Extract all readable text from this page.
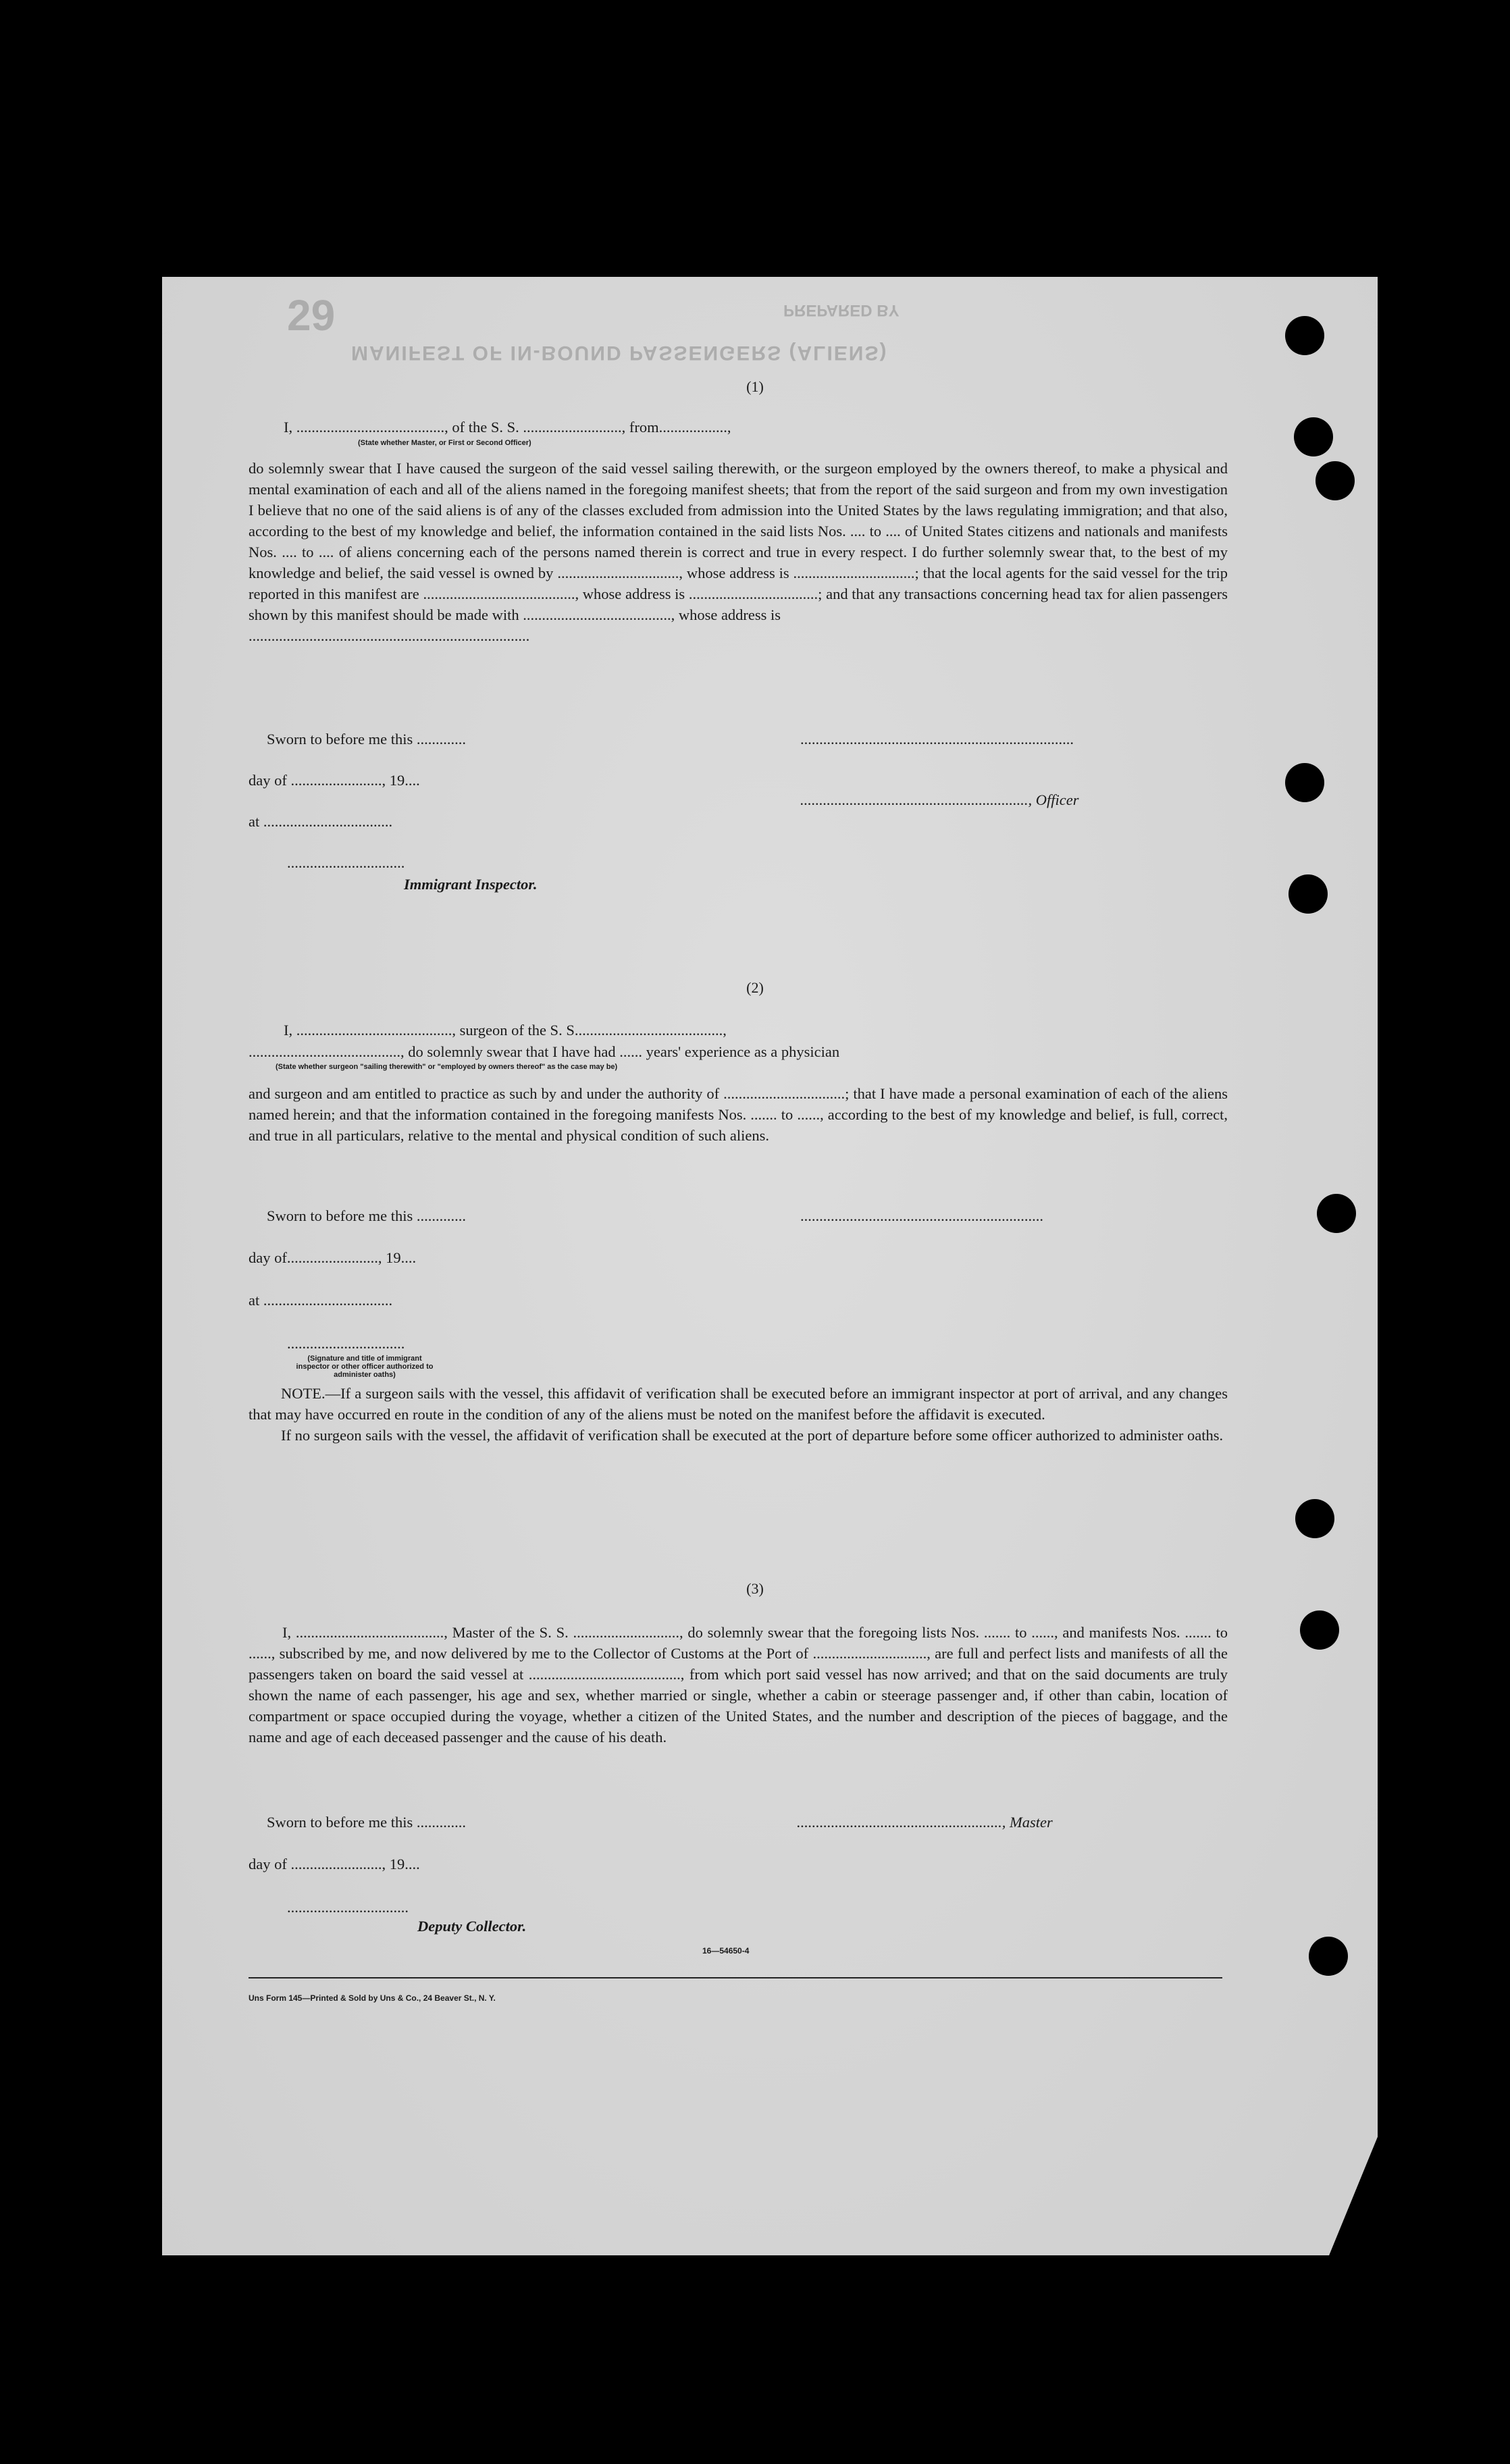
29	PREPARED BY
MANIFEST OF IN-BOUND PASSENGERS (ALIENS)
(1)
I, ......................................., of the S. S. .........................., from..................,
(State whether Master, or First or Second Officer)

do solemnly swear that I have caused the surgeon of the said vessel sailing therewith, or the surgeon employed by the owners thereof, to make a physical and mental examination of each and all of the aliens named in the foregoing manifest sheets; that from the report of the said surgeon and from my own investigation I believe that no one of the said aliens is of any of the classes excluded from admission into the United States by the laws regulating immigration; and that also, according to the best of my knowledge and belief, the information contained in the said lists Nos. .... to .... of United States citizens and nationals and manifests Nos. .... to .... of aliens concerning each of the persons named therein is correct and true in every respect. I do further solemnly swear that, to the best of my knowledge and belief, the said vessel is owned by ................................, whose address is ................................; that the local agents for the said vessel for the trip reported in this manifest are ........................................, whose address is ..................................; and that any transactions concerning head tax for alien passengers shown by this manifest should be made with ......................................., whose address is

..........................................................................

Sworn to before me this .............	........................................................................
day of ........................, 19....
............................................................, Officer
at ..................................
...............................
Immigrant Inspector.
(2)
I, ........................................., surgeon of the S. S.......................................,
........................................, do solemnly swear that I have had ...... years' experience as a physician
(State whether surgeon "sailing therewith" or "employed by owners thereof" as the case may be)
and surgeon and am entitled to practice as such by and under the authority of ................................; that I have made a personal examination of each of the aliens named herein; and that the information contained in the foregoing manifests Nos. ....... to ......, according to the best of my knowledge and belief, is full, correct, and true in all particulars, relative to the mental and physical condition of such aliens.
Sworn to before me this .............	................................................................
day of........................, 19....
at ..................................
...............................
(Signature and title of immigrant inspector or other officer authorized to administer oaths)

NOTE.—If a surgeon sails with the vessel, this affidavit of verification shall be executed before an immigrant inspector at port of arrival, and any changes that may have occurred en route in the condition of any of the aliens must be noted on the manifest before the affidavit is executed.

If no surgeon sails with the vessel, the affidavit of verification shall be executed at the port of departure before some officer authorized to administer oaths.

(3)
I, ......................................., Master of the S. S. ............................, do solemnly swear that the foregoing lists Nos. ....... to ......, and manifests Nos. ....... to ......, subscribed by me, and now delivered by me to the Collector of Customs at the Port of .............................., are full and perfect lists and manifests of all the passengers taken on board the said vessel at ........................................, from which port said vessel has now arrived; and that on the said documents are truly shown the name of each passenger, his age and sex, whether married or single, whether a cabin or steerage passenger and, if other than cabin, location of compartment or space occupied during the voyage, whether a citizen of the United States, and the number and description of the pieces of baggage, and the name and age of each deceased passenger and the cause of his death.
Sworn to before me this .............	......................................................, Master
day of ........................, 19....
................................
Deputy Collector.
16—54650-4
Uns Form 145—Printed & Sold by Uns & Co., 24 Beaver St., N. Y.
